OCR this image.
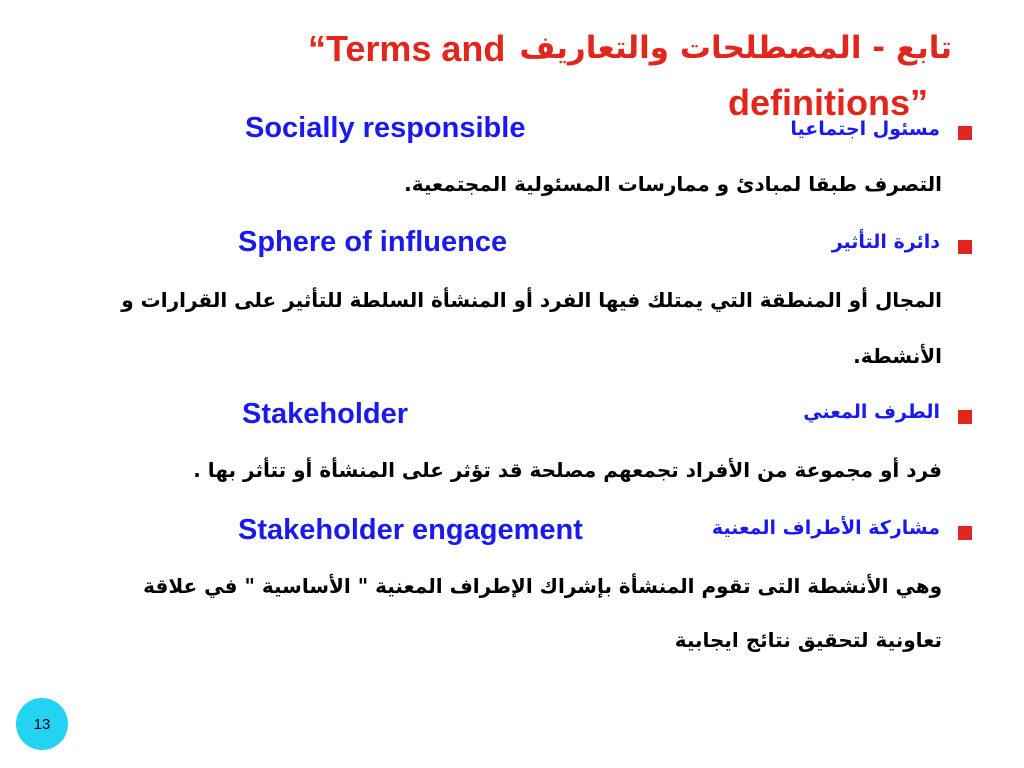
تابع - المصطلحات والتعاريف
“Terms and
definitions”
مسئول اجتماعيا
Socially responsible
التصرف طبقا لمبادئ و ممارسات المسئولية المجتمعية.
دائرة التأثير
Sphere of influence
المجال أو المنطقة التي يمتلك فيها الفرد أو المنشأة السلطة للتأثير على القرارات و
الأنشطة.
الطرف المعني
Stakeholder
فرد أو مجموعة من الأفراد تجمعهم مصلحة قد تؤثر على المنشأة أو تتأثر بها .
مشاركة الأطراف المعنية
Stakeholder engagement
وهي الأنشطة التى تقوم المنشأة بإشراك الإطراف المعنية " الأساسية " في علاقة
تعاونية لتحقيق نتائج ايجابية
13
